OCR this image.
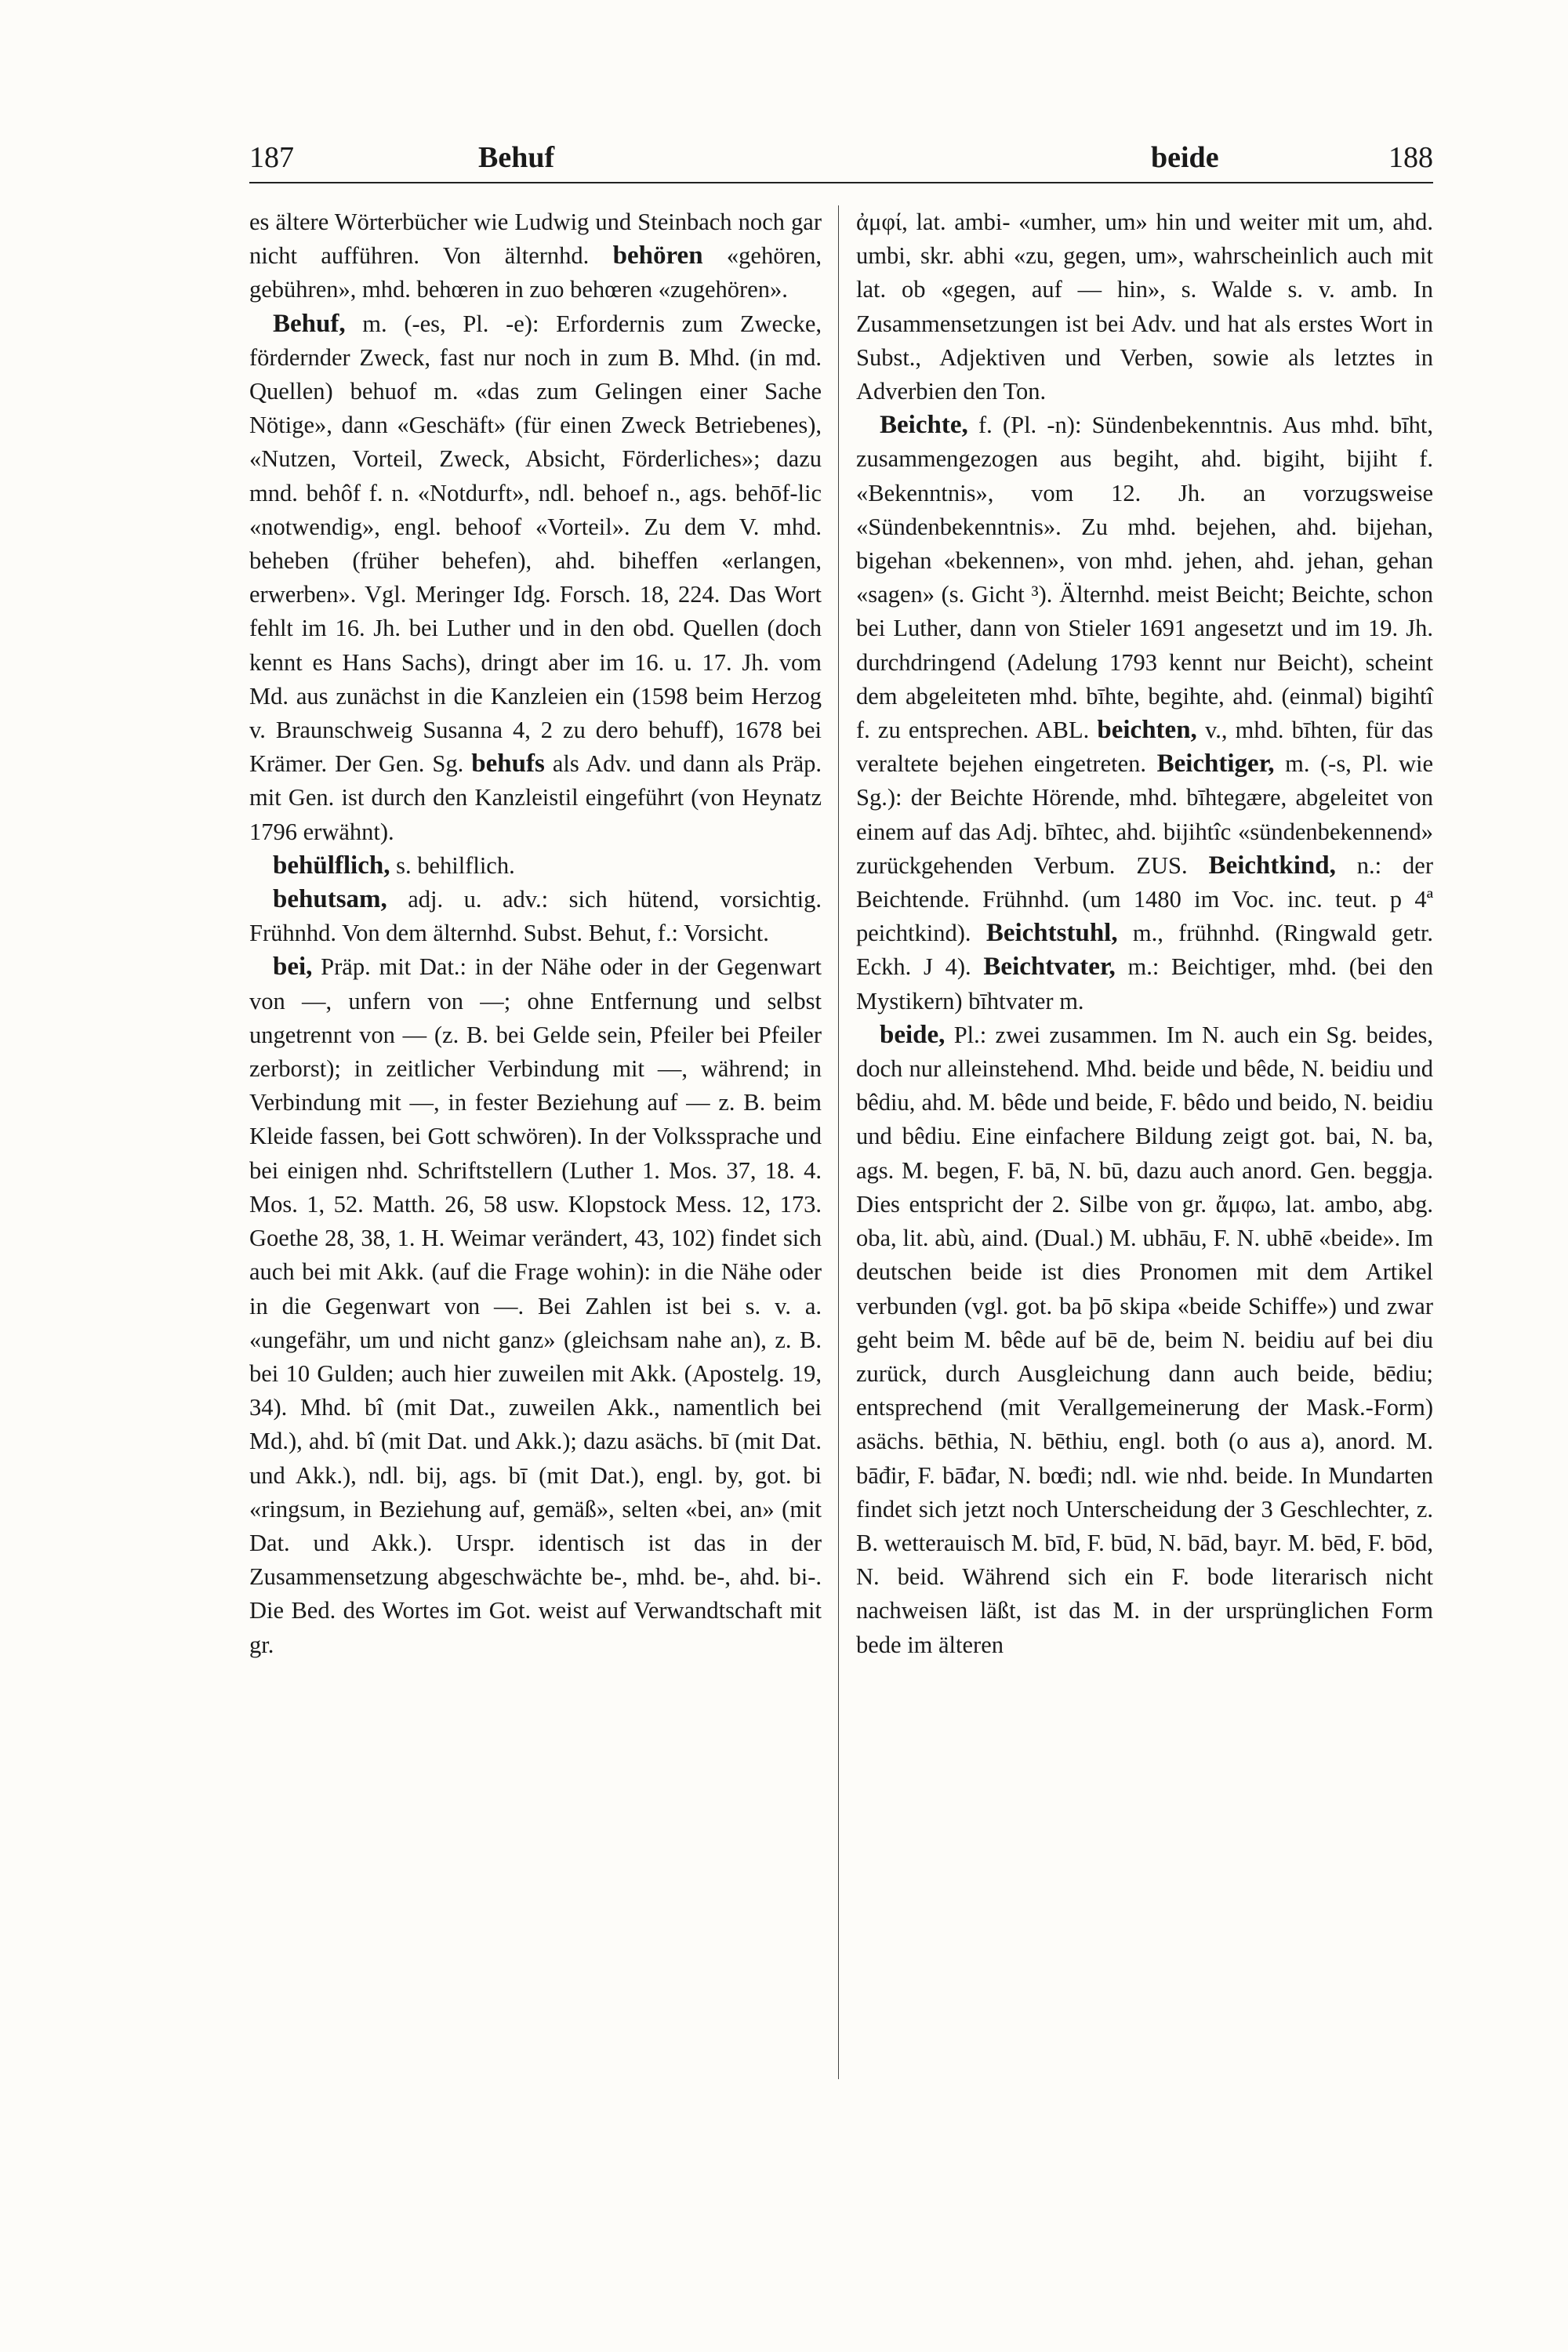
187	Behuf	beide	188

es ältere Wörterbücher wie Ludwig und Steinbach noch gar nicht aufführen. Von älternhd. behören «gehören, gebühren», mhd. behœren in zuo behœren «zugehören».

Behuf, m. (-es, Pl. -e): Erfordernis zum Zwecke, fördernder Zweck, fast nur noch in zum B. Mhd. (in md. Quellen) behuof m. «das zum Gelingen einer Sache Nötige», dann «Geschäft» (für einen Zweck Betriebenes), «Nutzen, Vorteil, Zweck, Absicht, Förderliches»; dazu mnd. behôf f. n. «Notdurft», ndl. behoef n., ags. behōf-lic «notwendig», engl. behoof «Vorteil». Zu dem V. mhd. beheben (früher behefen), ahd. biheffen «erlangen, erwerben». Vgl. Meringer Idg. Forsch. 18, 224. Das Wort fehlt im 16. Jh. bei Luther und in den obd. Quellen (doch kennt es Hans Sachs), dringt aber im 16. u. 17. Jh. vom Md. aus zunächst in die Kanzleien ein (1598 beim Herzog v. Braunschweig Susanna 4, 2 zu dero behuff), 1678 bei Krämer. Der Gen. Sg. behufs als Adv. und dann als Präp. mit Gen. ist durch den Kanzleistil eingeführt (von Heynatz 1796 erwähnt).

behülflich, s. behilflich.

behutsam, adj. u. adv.: sich hütend, vorsichtig. Frühnhd. Von dem älternhd. Subst. Behut, f.: Vorsicht.

bei, Präp. mit Dat.: in der Nähe oder in der Gegenwart von —, unfern von —; ohne Entfernung und selbst ungetrennt von — (z. B. bei Gelde sein, Pfeiler bei Pfeiler zerborst); in zeitlicher Verbindung mit —, während; in Verbindung mit —, in fester Beziehung auf — z. B. beim Kleide fassen, bei Gott schwören). In der Volkssprache und bei einigen nhd. Schriftstellern (Luther 1. Mos. 37, 18. 4. Mos. 1, 52. Matth. 26, 58 usw. Klopstock Mess. 12, 173. Goethe 28, 38, 1. H. Weimar verändert, 43, 102) findet sich auch bei mit Akk. (auf die Frage wohin): in die Nähe oder in die Gegenwart von —. Bei Zahlen ist bei s. v. a. «ungefähr, um und nicht ganz» (gleichsam nahe an), z. B. bei 10 Gulden; auch hier zuweilen mit Akk. (Apostelg. 19, 34). Mhd. bî (mit Dat., zuweilen Akk., namentlich bei Md.), ahd. bî (mit Dat. und Akk.); dazu asächs. bī (mit Dat. und Akk.), ndl. bij, ags. bī (mit Dat.), engl. by, got. bi «ringsum, in Beziehung auf, gemäß», selten «bei, an» (mit Dat. und Akk.). Urspr. identisch ist das in der Zusammensetzung abgeschwächte be-, mhd. be-, ahd. bi-. Die Bed. des Wortes im Got. weist auf Verwandtschaft mit gr.

ἀμφί, lat. ambi- «umher, um» hin und weiter mit um, ahd. umbi, skr. abhi «zu, gegen, um», wahrscheinlich auch mit lat. ob «gegen, auf — hin», s. Walde s. v. amb. In Zusammensetzungen ist bei Adv. und hat als erstes Wort in Subst., Adjektiven und Verben, sowie als letztes in Adverbien den Ton.

Beichte, f. (Pl. -n): Sündenbekenntnis. Aus mhd. bīht, zusammengezogen aus begiht, ahd. bigiht, bijiht f. «Bekenntnis», vom 12. Jh. an vorzugsweise «Sündenbekenntnis». Zu mhd. bejehen, ahd. bijehan, bigehan «bekennen», von mhd. jehen, ahd. jehan, gehan «sagen» (s. Gicht ³). Älternhd. meist Beicht; Beichte, schon bei Luther, dann von Stieler 1691 angesetzt und im 19. Jh. durchdringend (Adelung 1793 kennt nur Beicht), scheint dem abgeleiteten mhd. bīhte, begihte, ahd. (einmal) bigihtî f. zu entsprechen. ABL. beichten, v., mhd. bīhten, für das veraltete bejehen eingetreten. Beichtiger, m. (-s, Pl. wie Sg.): der Beichte Hörende, mhd. bīhtegære, abgeleitet von einem auf das Adj. bīhtec, ahd. bijihtîc «sündenbekennend» zurückgehenden Verbum. ZUS. Beichtkind, n.: der Beichtende. Frühnhd. (um 1480 im Voc. inc. teut. p 4ª peichtkind). Beichtstuhl, m., frühnhd. (Ringwald getr. Eckh. J 4). Beichtvater, m.: Beichtiger, mhd. (bei den Mystikern) bīhtvater m.

beide, Pl.: zwei zusammen. Im N. auch ein Sg. beides, doch nur alleinstehend. Mhd. beide und bêde, N. beidiu und bêdiu, ahd. M. bêde und beide, F. bêdo und beido, N. beidiu und bêdiu. Eine einfachere Bildung zeigt got. bai, N. ba, ags. M. begen, F. bā, N. bū, dazu auch anord. Gen. beggja. Dies entspricht der 2. Silbe von gr. ἄμφω, lat. ambo, abg. oba, lit. abù, aind. (Dual.) M. ubhāu, F. N. ubhē «beide». Im deutschen beide ist dies Pronomen mit dem Artikel verbunden (vgl. got. ba þō skipa «beide Schiffe») und zwar geht beim M. bêde auf bē de, beim N. beidiu auf bei diu zurück, durch Ausgleichung dann auch beide, bēdiu; entsprechend (mit Verallgemeinerung der Mask.-Form) asächs. bēthia, N. bēthiu, engl. both (o aus a), anord. M. bāđir, F. bāđar, N. bœđi; ndl. wie nhd. beide. In Mundarten findet sich jetzt noch Unterscheidung der 3 Geschlechter, z. B. wetterauisch M. bīd, F. būd, N. bād, bayr. M. bēd, F. bōd, N. beid. Während sich ein F. bode literarisch nicht nachweisen läßt, ist das M. in der ursprünglichen Form bede im älteren
